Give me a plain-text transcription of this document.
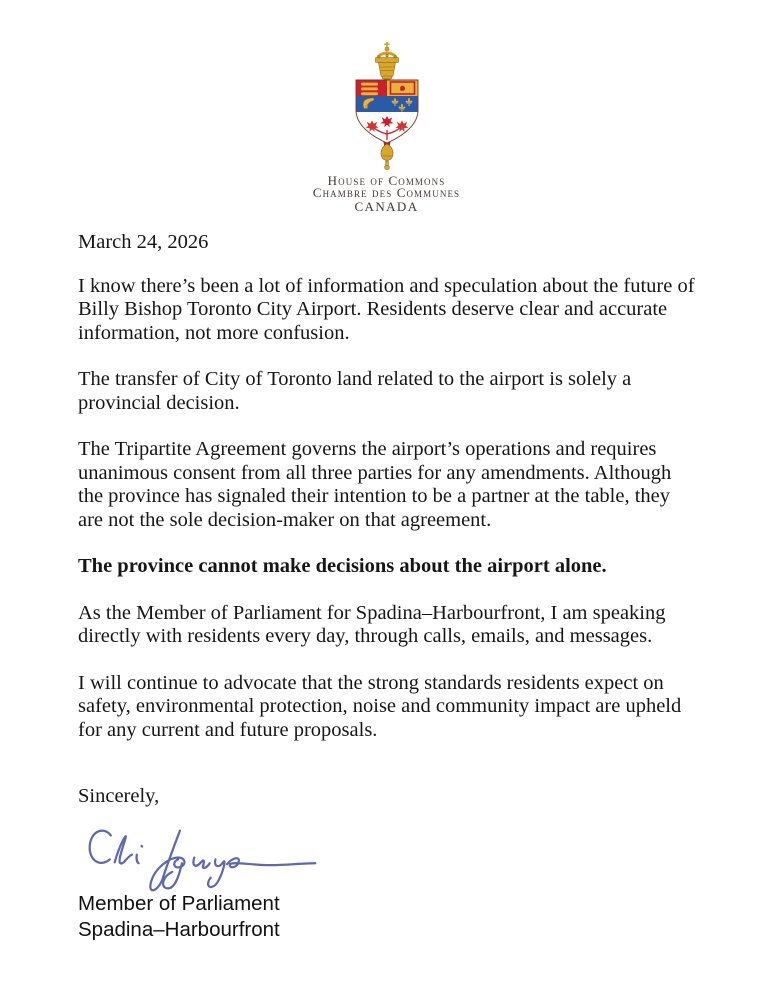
House of Commons
Chambre des Communes
CANADA

March 24, 2026

I know there’s been a lot of information and speculation about the future of Billy Bishop Toronto City Airport. Residents deserve clear and accurate information, not more confusion.

The transfer of City of Toronto land related to the airport is solely a provincial decision.

The Tripartite Agreement governs the airport’s operations and requires unanimous consent from all three parties for any amendments. Although the province has signaled their intention to be a partner at the table, they are not the sole decision-maker on that agreement.

The province cannot make decisions about the airport alone.

As the Member of Parliament for Spadina–Harbourfront, I am speaking directly with residents every day, through calls, emails, and messages.

I will continue to advocate that the strong standards residents expect on safety, environmental protection, noise and community impact are upheld for any current and future proposals.

Sincerely,

Member of Parliament

Spadina–Harbourfront
